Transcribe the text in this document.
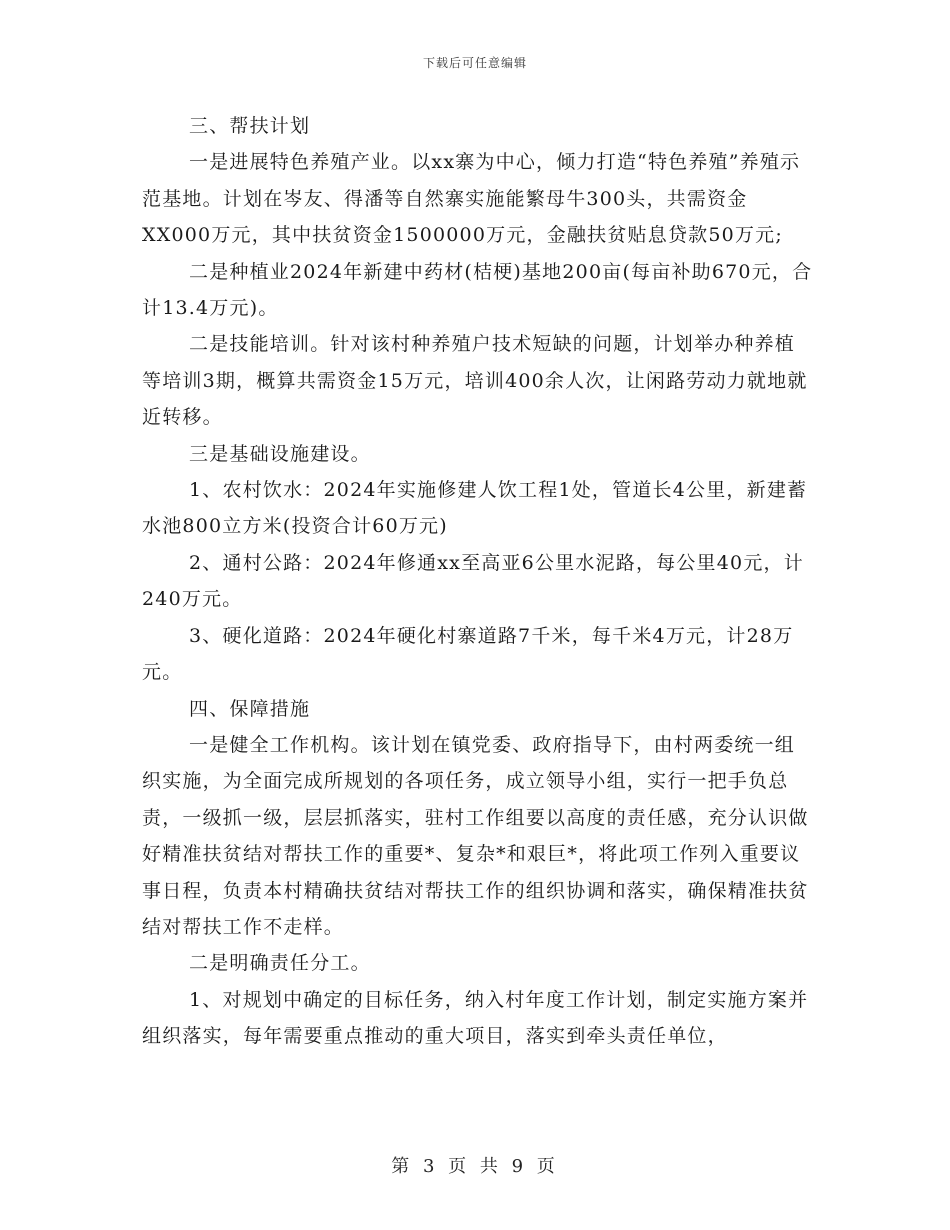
下载后可任意编辑

三、帮扶计划

一是进展特色养殖产业。以xx寨为中心，倾力打造“特色养殖”养殖示范基地。计划在岑友、得潘等自然寨实施能繁母牛300头，共需资金XX000万元，其中扶贫资金1500000万元，金融扶贫贴息贷款50万元;

二是种植业2024年新建中药材(桔梗)基地200亩(每亩补助670元，合计13.4万元)。

二是技能培训。针对该村种养殖户技术短缺的问题，计划举办种养植等培训3期，概算共需资金15万元，培训400余人次，让闲路劳动力就地就近转移。

三是基础设施建设。

1、农村饮水：2024年实施修建人饮工程1处，管道长4公里，新建蓄水池800立方米(投资合计60万元)

2、通村公路：2024年修通xx至高亚6公里水泥路，每公里40元，计240万元。

3、硬化道路：2024年硬化村寨道路7千米，每千米4万元，计28万元。

四、保障措施

一是健全工作机构。该计划在镇党委、政府指导下，由村两委统一组织实施，为全面完成所规划的各项任务，成立领导小组，实行一把手负总责，一级抓一级，层层抓落实，驻村工作组要以高度的责任感，充分认识做好精准扶贫结对帮扶工作的重要*、复杂*和艰巨*，将此项工作列入重要议事日程，负责本村精确扶贫结对帮扶工作的组织协调和落实，确保精准扶贫结对帮扶工作不走样。

二是明确责任分工。

1、对规划中确定的目标任务，纳入村年度工作计划，制定实施方案并组织落实，每年需要重点推动的重大项目，落实到牵头责任单位，

第 3 页 共 9 页
